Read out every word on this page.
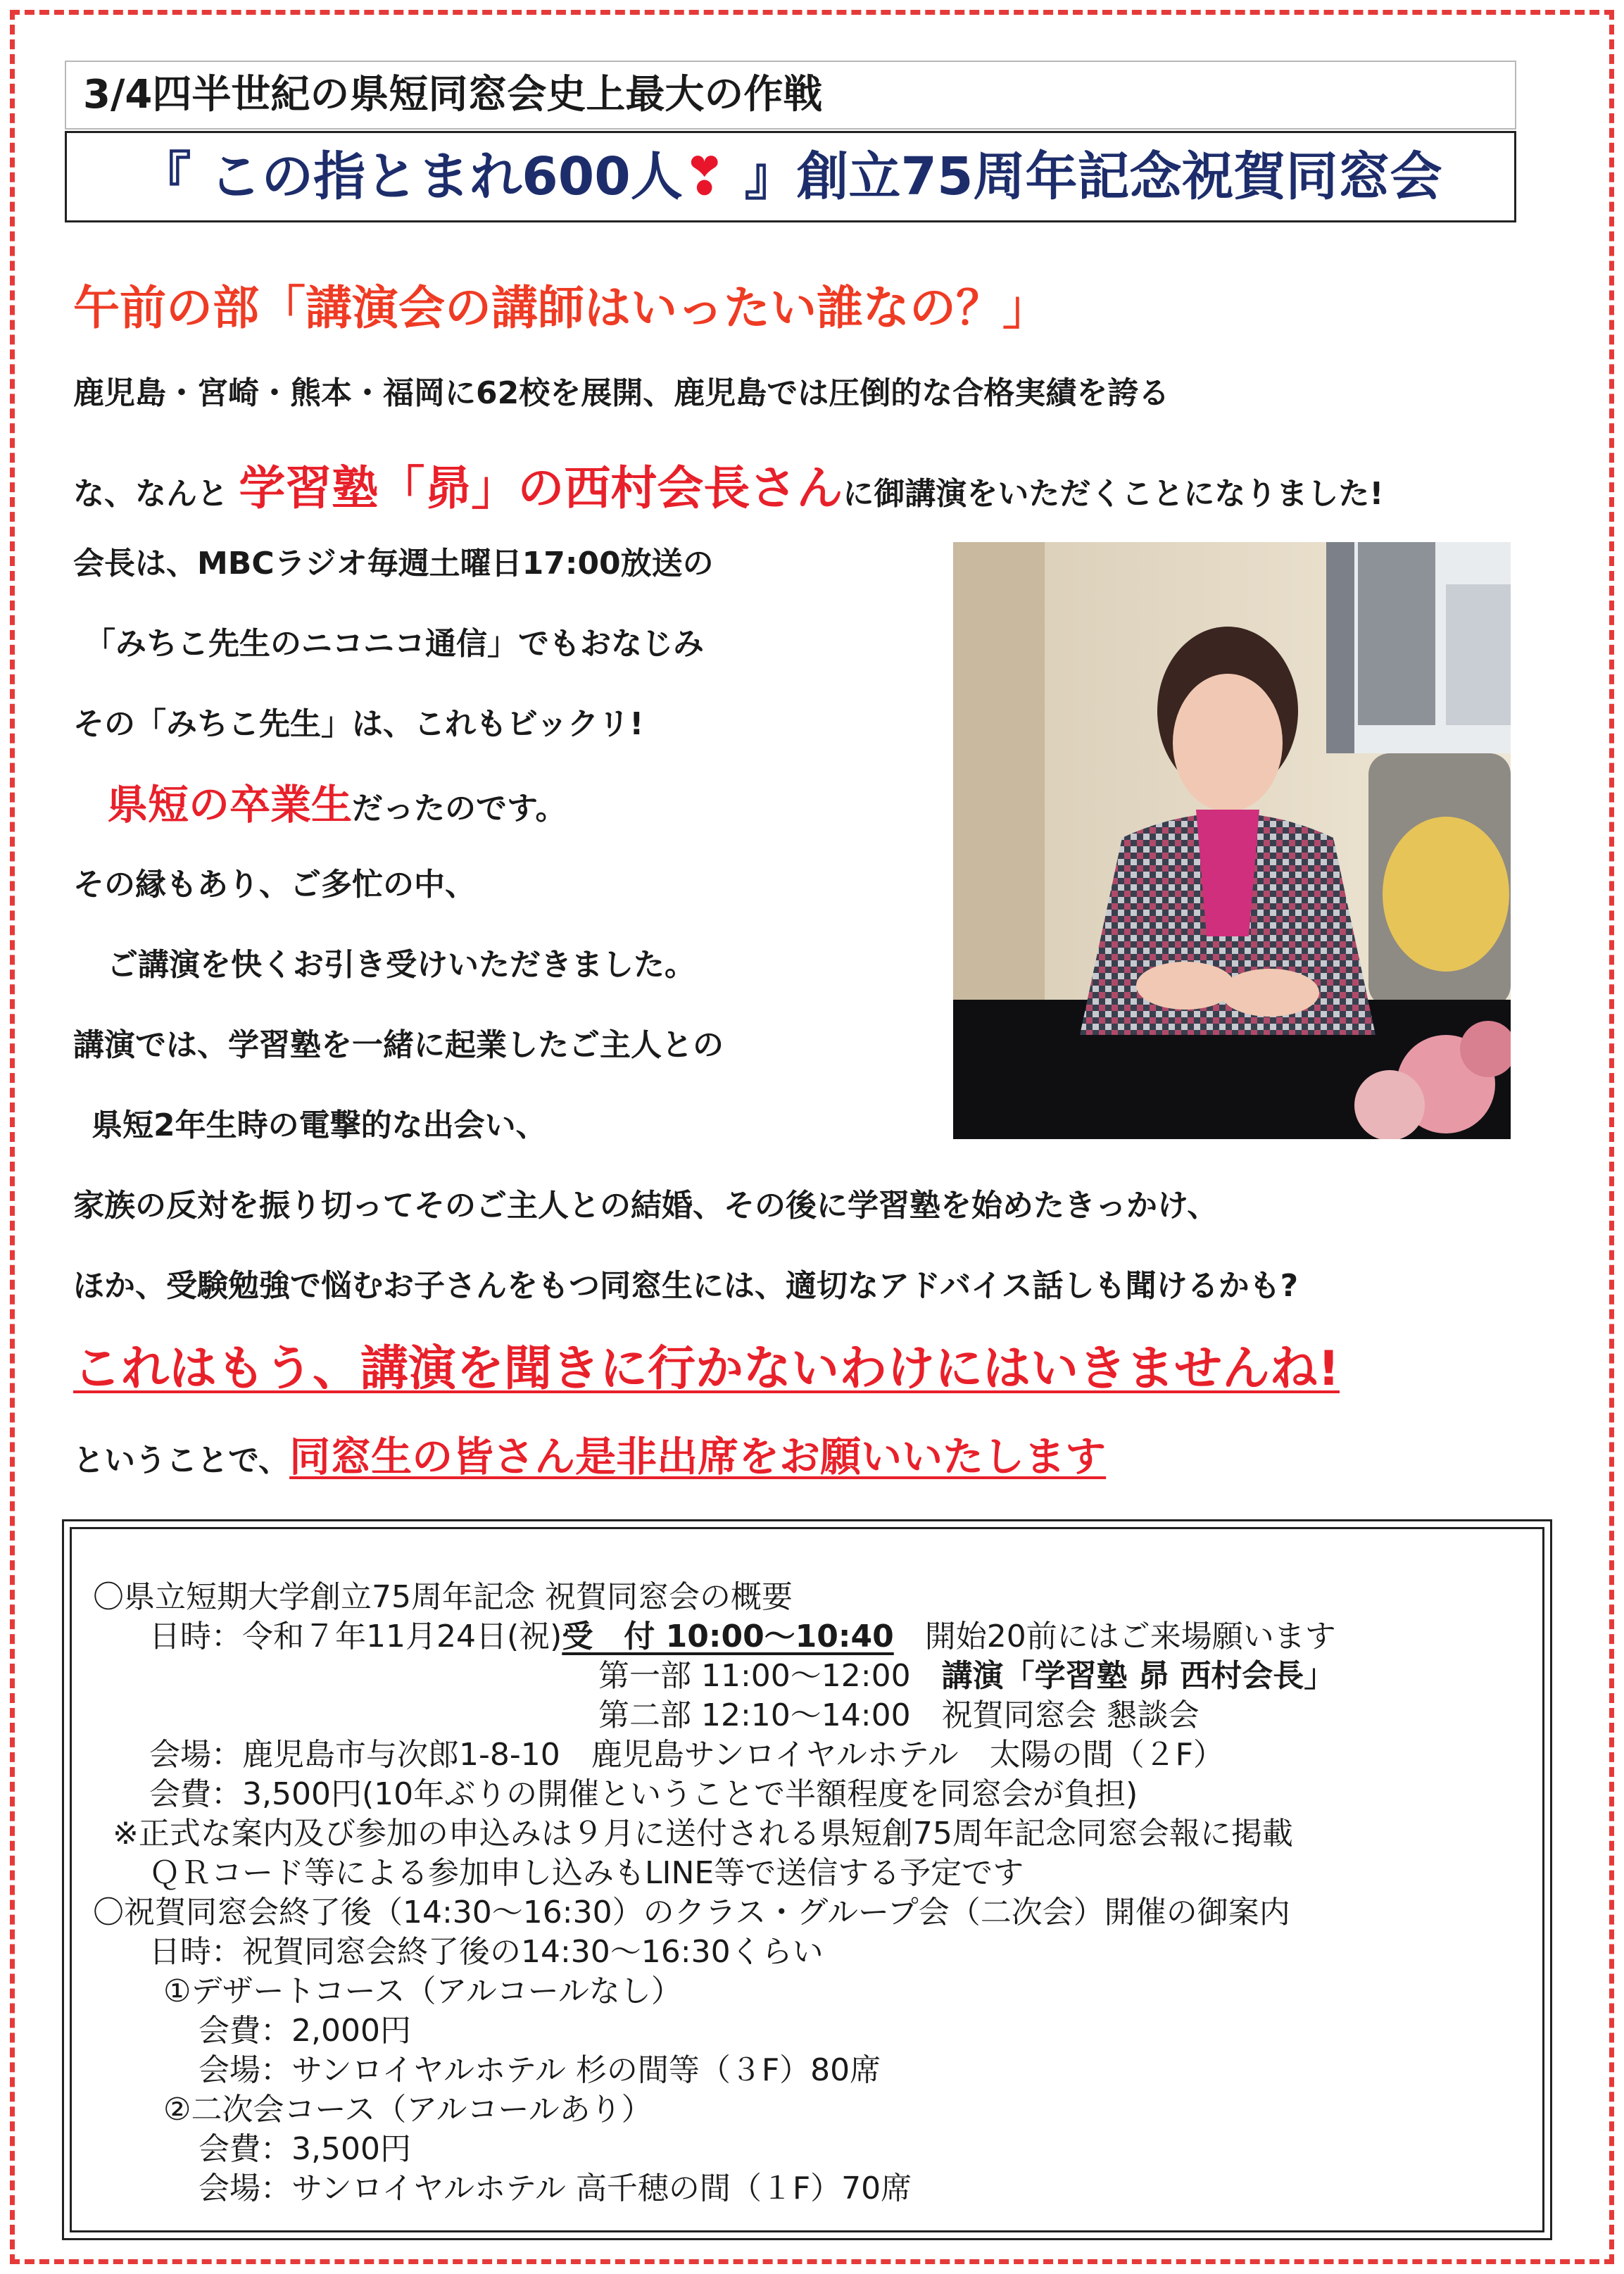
3/4四半世紀の県短同窓会史上最大の作戦
『 この指とまれ600人❣ 』創立75周年記念祝賀同窓会
午前の部「講演会の講師はいったい誰なの？」
鹿児島・宮崎・熊本・福岡に62校を展開、鹿児島では圧倒的な合格実績を誇る
な、なんと 学習塾「昴」の西村会長さんに御講演をいただくことになりました!
会長は、MBCラジオ毎週土曜日17:00放送の
「みちこ先生のニコニコ通信」でもおなじみ
その「みちこ先生」は、これもビックリ!
県短の卒業生だったのです。
その縁もあり、ご多忙の中、
ご講演を快くお引き受けいただきました。
講演では、学習塾を一緒に起業したご主人との
県短2年生時の電撃的な出会い、
家族の反対を振り切ってそのご主人との結婚、その後に学習塾を始めたきっかけ、
ほか、受験勉強で悩むお子さんをもつ同窓生には、適切なアドバイス話しも聞けるかも?
これはもう、講演を聞きに行かないわけにはいきませんね!
ということで、同窓生の皆さん是非出席をお願いいたします
〇県立短期大学創立75周年記念 祝賀同窓会の概要
日時：令和７年11月24日(祝)受　付 10:00～10:40　開始20前にはご来場願います
第一部 11:00～12:00　講演「学習塾 昴 西村会長」
第二部 12:10～14:00　祝賀同窓会 懇談会
会場：鹿児島市与次郎1-8-10　鹿児島サンロイヤルホテル　太陽の間（２F）
会費：3,500円(10年ぶりの開催ということで半額程度を同窓会が負担)
※正式な案内及び参加の申込みは９月に送付される県短創75周年記念同窓会報に掲載
ＱＲコード等による参加申し込みもLINE等で送信する予定です
〇祝賀同窓会終了後（14:30～16:30）のクラス・グループ会（二次会）開催の御案内
日時：祝賀同窓会終了後の14:30～16:30くらい
①デザートコース（アルコールなし）
会費：2,000円
会場：サンロイヤルホテル 杉の間等（３F）80席
②二次会コース（アルコールあり）
会費：3,500円
会場：サンロイヤルホテル 高千穂の間（１F）70席
